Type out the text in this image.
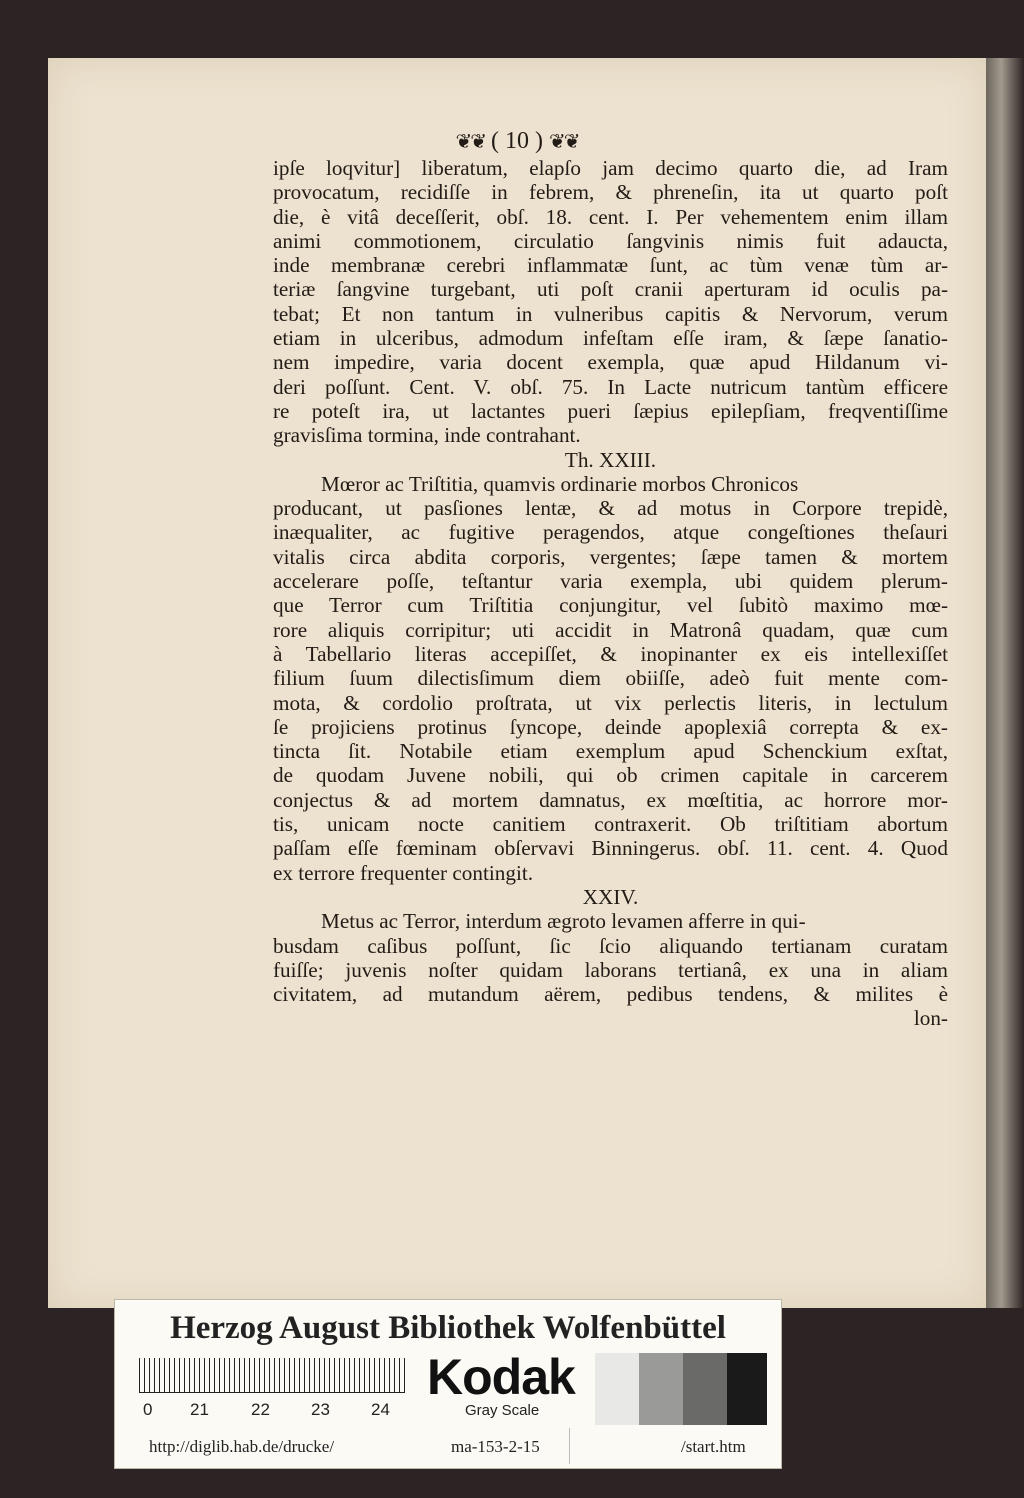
❦❦ ( 10 ) ❦❦
ipſe loqvitur] liberatum, elapſo jam decimo quarto die, ad Iram
provocatum, recidiſſe in febrem, & phreneſin, ita ut quarto poſt
die, è vitâ deceſſerit, obſ. 18. cent. I. Per vehementem enim illam
animi commotionem, circulatio ſangvinis nimis fuit adaucta,
inde membranæ cerebri inflammatæ ſunt, ac tùm venæ tùm ar-
teriæ ſangvine turgebant, uti poſt cranii aperturam id oculis pa-
tebat; Et non tantum in vulneribus capitis & Nervorum, verum
etiam in ulceribus, admodum infeſtam eſſe iram, & ſæpe ſanatio-
nem impedire, varia docent exempla, quæ apud Hildanum vi-
deri poſſunt. Cent. V. obſ. 75. In Lacte nutricum tantùm efficere
re poteſt ira, ut lactantes pueri ſæpius epilepſiam, freqventiſſime
gravisſima tormina, inde contrahant.
Th. XXIII.
Mœror ac Triſtitia, quamvis ordinarie morbos Chronicos
producant, ut pasſiones lentæ, & ad motus in Corpore trepidè,
inæqualiter, ac fugitive peragendos, atque congeſtiones theſauri
vitalis circa abdita corporis, vergentes; ſæpe tamen & mortem
accelerare poſſe, teſtantur varia exempla, ubi quidem plerum-
que Terror cum Triſtitia conjungitur, vel ſubitò maximo mœ-
rore aliquis corripitur; uti accidit in Matronâ quadam, quæ cum
à Tabellario literas accepiſſet, & inopinanter ex eis intellexiſſet
filium ſuum dilectisſimum diem obiiſſe, adeò fuit mente com-
mota, & cordolio proſtrata, ut vix perlectis literis, in lectulum
ſe projiciens protinus ſyncope, deinde apoplexiâ correpta & ex-
tincta ſit. Notabile etiam exemplum apud Schenckium exſtat,
de quodam Juvene nobili, qui ob crimen capitale in carcerem
conjectus & ad mortem damnatus, ex mœſtitia, ac horrore mor-
tis, unicam nocte canitiem contraxerit. Ob triſtitiam abortum
paſſam eſſe fœminam obſervavi Binningerus. obſ. 11. cent. 4. Quod
ex terrore frequenter contingit.
XXIV.
Metus ac Terror, interdum ægroto levamen afferre in qui-
busdam caſibus poſſunt, ſic ſcio aliquando tertianam curatam
fuiſſe; juvenis noſter quidam laborans tertianâ, ex una in aliam
civitatem, ad mutandum aërem, pedibus tendens, & milites è
lon-
Herzog August Bibliothek Wolfenbüttel
0 21 22 23 24
Kodak
Gray Scale
http://diglib.hab.de/drucke/	ma-153-2-15	/start.htm
